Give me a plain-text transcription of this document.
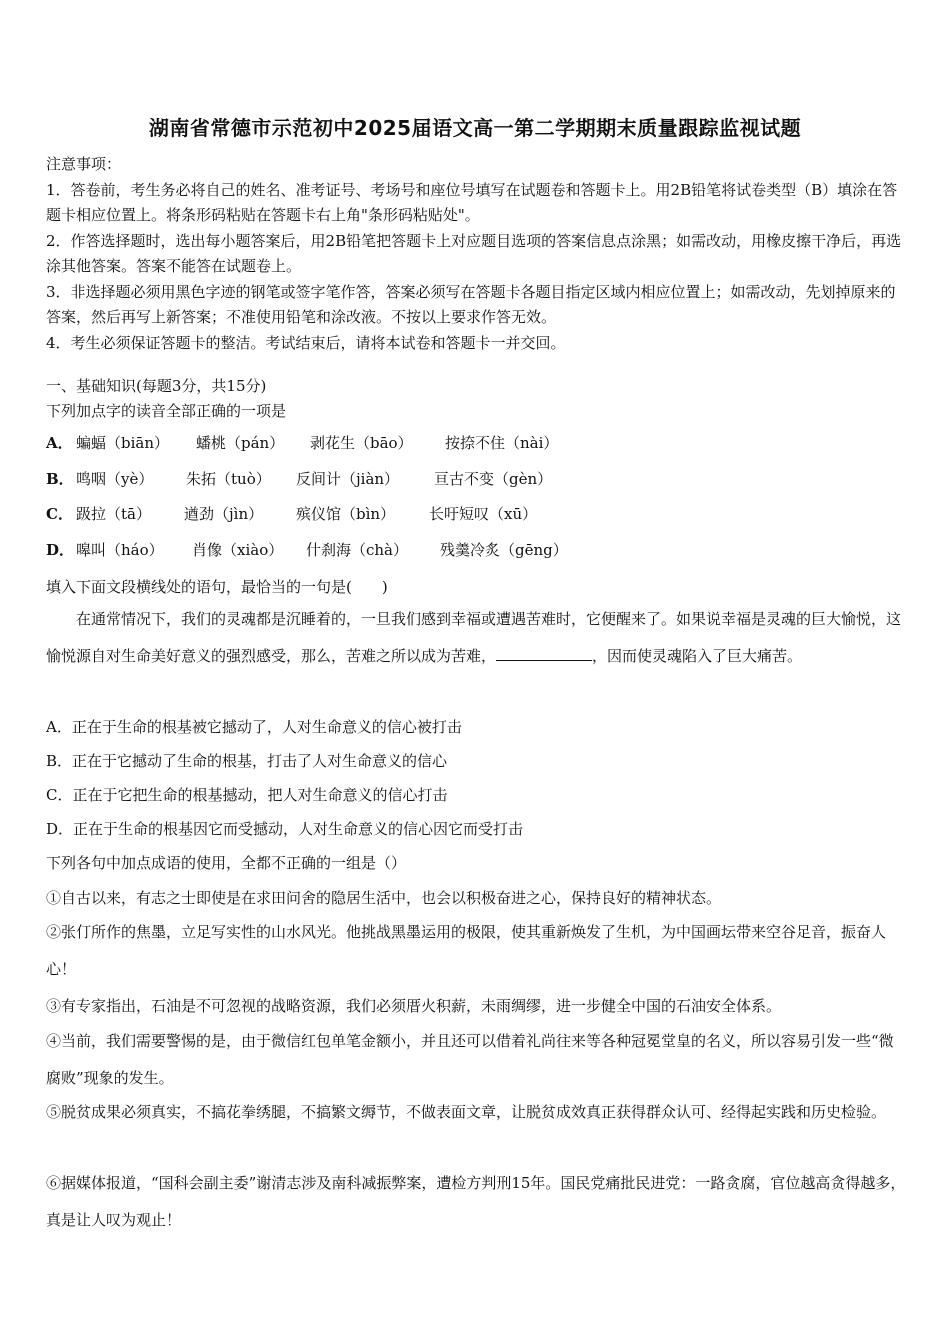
湖南省常德市示范初中2025届语文高一第二学期期末质量跟踪监视试题

注意事项：

1．答卷前，考生务必将自己的姓名、准考证号、考场号和座位号填写在试题卷和答题卡上。用2B铅笔将试卷类型（B）填涂在答题卡相应位置上。将条形码粘贴在答题卡右上角"条形码粘贴处"。

2．作答选择题时，选出每小题答案后，用2B铅笔把答题卡上对应题目选项的答案信息点涂黑；如需改动，用橡皮擦干净后，再选涂其他答案。答案不能答在试题卷上。

3．非选择题必须用黑色字迹的钢笔或签字笔作答，答案必须写在答题卡各题目指定区域内相应位置上；如需改动，先划掉原来的答案，然后再写上新答案；不准使用铅笔和涂改液。不按以上要求作答无效。

4．考生必须保证答题卡的整洁。考试结束后，请将本试卷和答题卡一并交回。

一、基础知识(每题3分，共15分)
下列加点字的读音全部正确的一项是
A． 蝙蝠（biān） 蟠桃（pán） 剥花生（bāo） 按捺不住（nài）
B． 鸣咽（yè） 朱拓（tuò） 反间计（jiàn） 亘古不变（gèn）
C． 趿拉（tā） 遒劲（jìn） 殡仪馆（bìn） 长吁短叹（xū）
D． 嗥叫（háo） 肖像（xiào） 什刹海（chà） 残羹冷炙（gēng）
填入下面文段横线处的语句，最恰当的一句是(　　)
在通常情况下，我们的灵魂都是沉睡着的，一旦我们感到幸福或遭遇苦难时，它便醒来了。如果说幸福是灵魂的巨大愉悦，这愉悦源自对生命美好意义的强烈感受，那么，苦难之所以成为苦难，	，因而使灵魂陷入了巨大痛苦。
A．正在于生命的根基被它撼动了，人对生命意义的信心被打击
B．正在于它撼动了生命的根基，打击了人对生命意义的信心
C．正在于它把生命的根基撼动，把人对生命意义的信心打击
D．正在于生命的根基因它而受撼动，人对生命意义的信心因它而受打击
下列各句中加点成语的使用，全都不正确的一组是（）
①自古以来，有志之士即使是在求田问舍的隐居生活中，也会以积极奋进之心，保持良好的精神状态。
②张仃所作的焦墨，立足写实性的山水风光。他挑战黑墨运用的极限，使其重新焕发了生机，为中国画坛带来空谷足音，振奋人心！
③有专家指出，石油是不可忽视的战略资源，我们必须厝火积薪，未雨绸缪，进一步健全中国的石油安全体系。
④当前，我们需要警惕的是，由于微信红包单笔金额小，并且还可以借着礼尚往来等各种冠冕堂皇的名义，所以容易引发一些“微腐败”现象的发生。
⑤脱贫成果必须真实，不搞花拳绣腿，不搞繁文缛节，不做表面文章，让脱贫成效真正获得群众认可、经得起实践和历史检验。
⑥据媒体报道，“国科会副主委”谢清志涉及南科减振弊案，遭检方判刑15年。国民党痛批民进党：一路贪腐，官位越高贪得越多，真是让人叹为观止！
